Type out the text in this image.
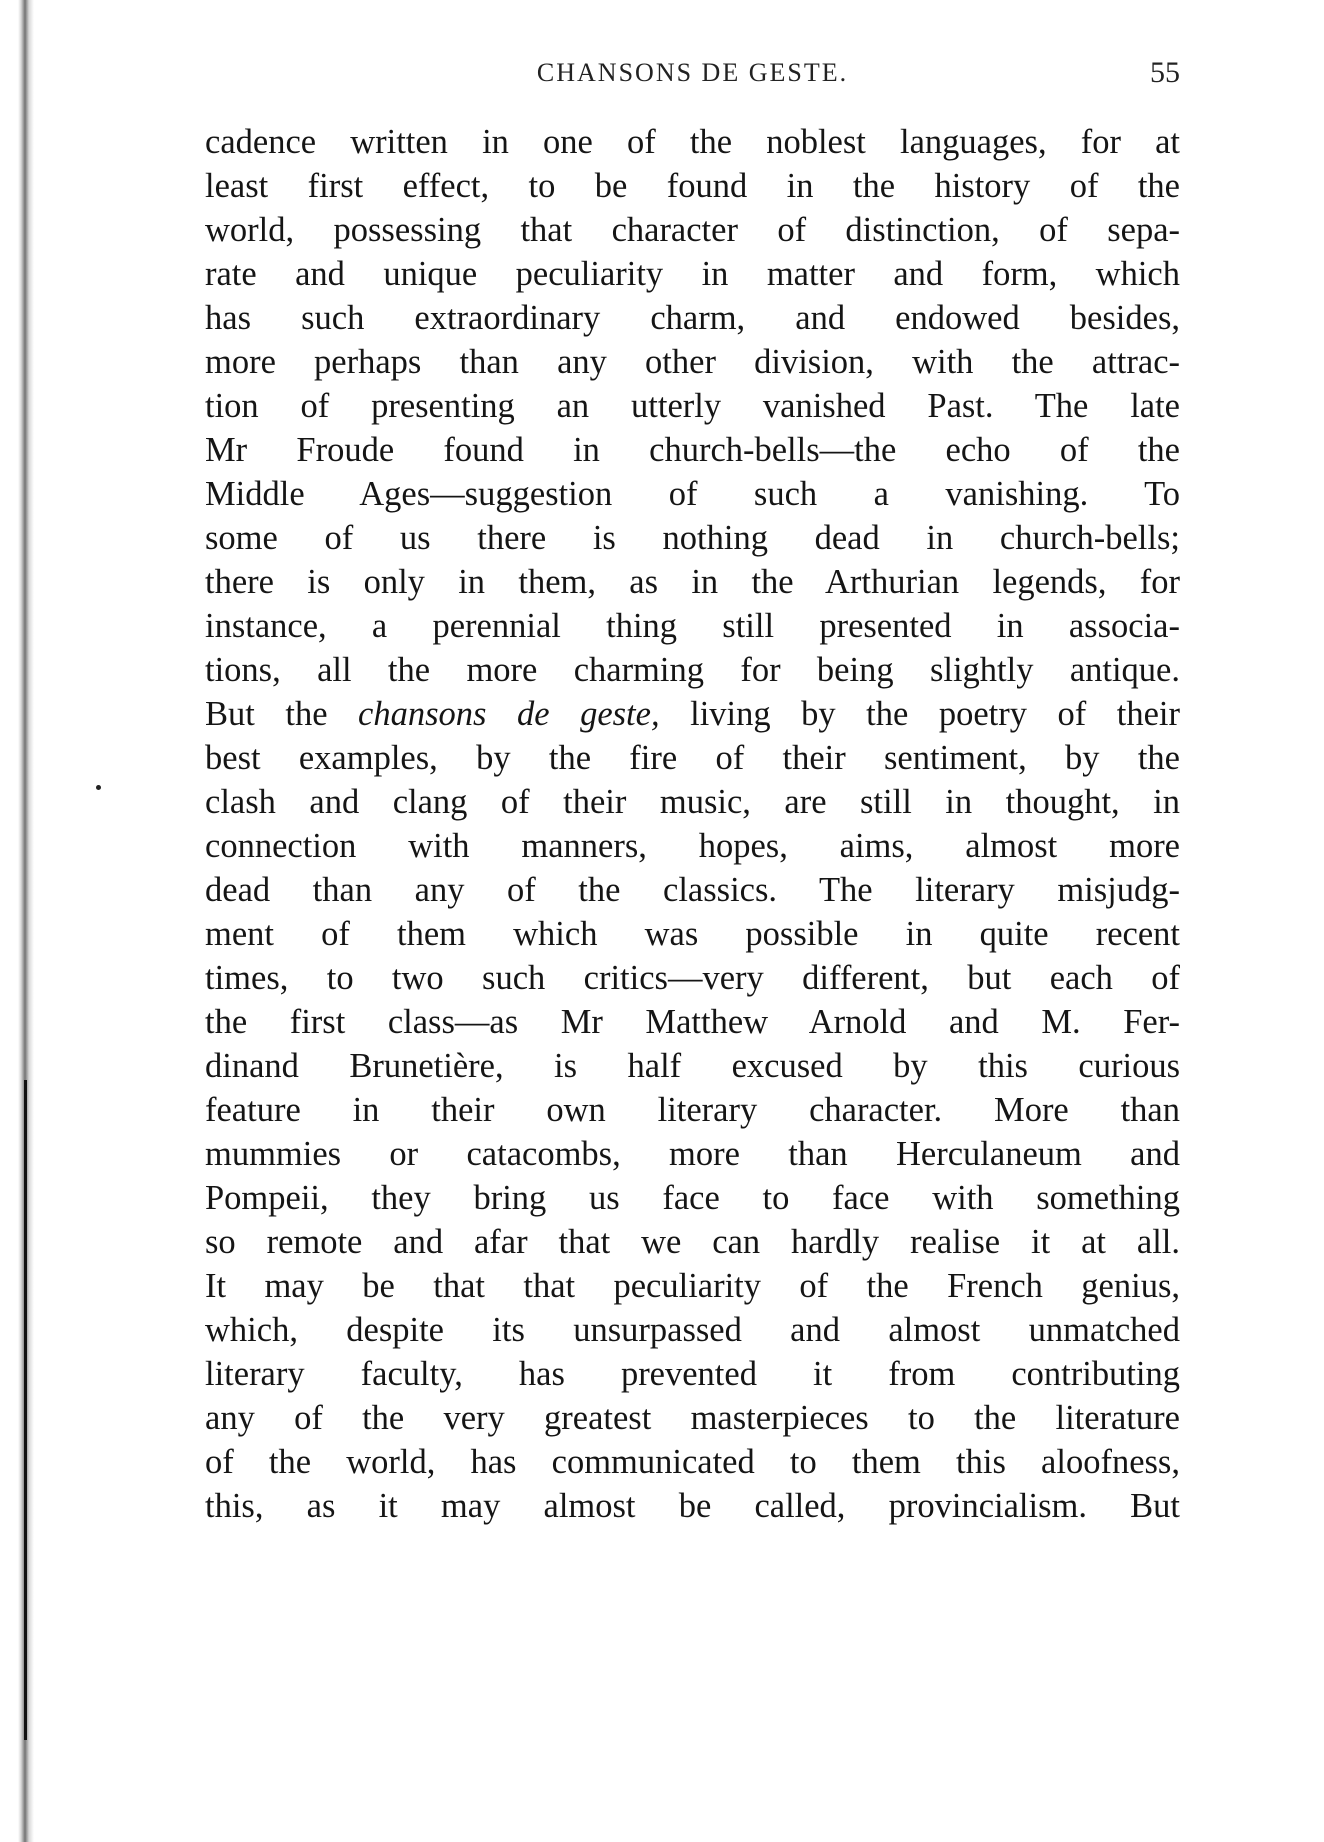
CHANSONS DE GESTE.	55
cadence written in one of the noblest languages, for at
least first effect, to be found in the history of the
world, possessing that character of distinction, of sepa-
rate and unique peculiarity in matter and form, which
has such extraordinary charm, and endowed besides,
more perhaps than any other division, with the attrac-
tion of presenting an utterly vanished Past. The late
Mr Froude found in church-bells—the echo of the
Middle Ages—suggestion of such a vanishing. To
some of us there is nothing dead in church-bells;
there is only in them, as in the Arthurian legends, for
instance, a perennial thing still presented in associa-
tions, all the more charming for being slightly antique.
But the chansons de geste, living by the poetry of their
best examples, by the fire of their sentiment, by the
clash and clang of their music, are still in thought, in
connection with manners, hopes, aims, almost more
dead than any of the classics. The literary misjudg-
ment of them which was possible in quite recent
times, to two such critics—very different, but each of
the first class—as Mr Matthew Arnold and M. Fer-
dinand Brunetière, is half excused by this curious
feature in their own literary character. More than
mummies or catacombs, more than Herculaneum and
Pompeii, they bring us face to face with something
so remote and afar that we can hardly realise it at all.
It may be that that peculiarity of the French genius,
which, despite its unsurpassed and almost unmatched
literary faculty, has prevented it from contributing
any of the very greatest masterpieces to the literature
of the world, has communicated to them this aloofness,
this, as it may almost be called, provincialism. But
